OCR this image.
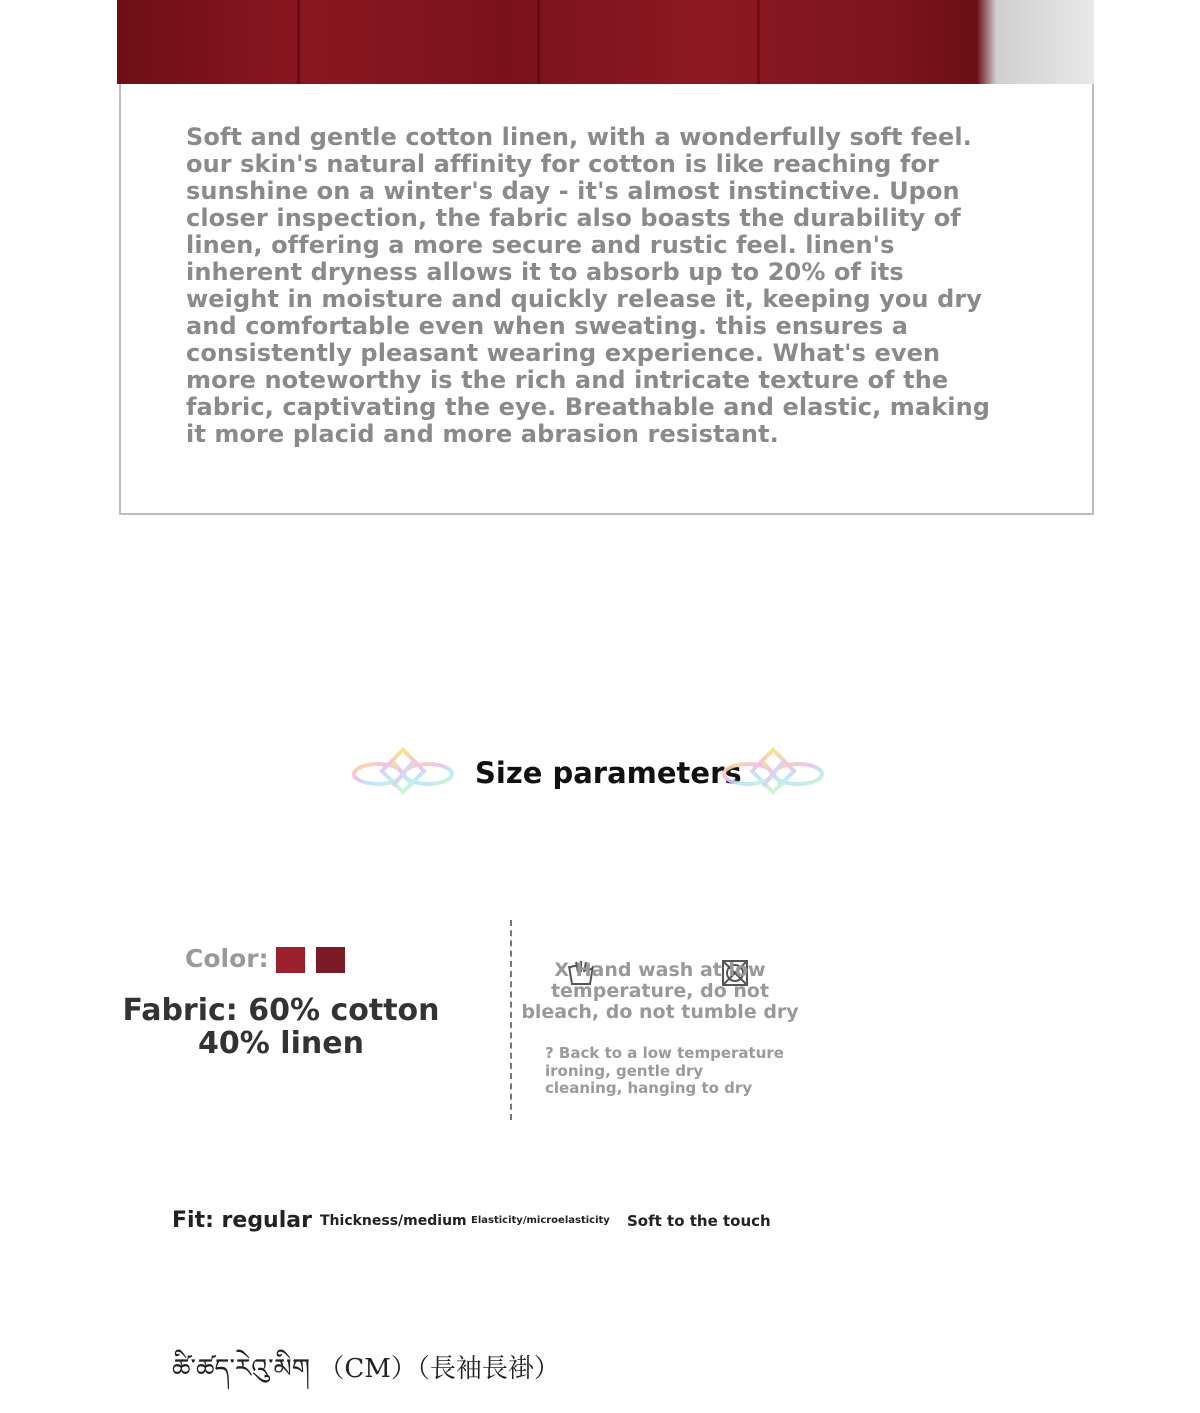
Soft and gentle cotton linen, with a wonderfully soft feel. our skin's natural affinity for cotton is like reaching for sunshine on a winter's day - it's almost instinctive. Upon closer inspection, the fabric also boasts the durability of linen, offering a more secure and rustic feel. linen's inherent dryness allows it to absorb up to 20% of its weight in moisture and quickly release it, keeping you dry and comfortable even when sweating. this ensures a consistently pleasant wearing experience. What's even more noteworthy is the rich and intricate texture of the fabric, captivating the eye. Breathable and elastic, making it more placid and more abrasion resistant.

Size parameters
Color:
Fabric: 60% cotton
40% linen
X Hand wash at low temperature, do not bleach, do not tumble dry
? Back to a low temperature ironing, gentle dry cleaning, hanging to dry
Fit: regular Thickness/medium Elasticity/microelasticity Soft to the touch
ཚི་ཚད་རེའུ་མིག （CM）（長袖長褂）
